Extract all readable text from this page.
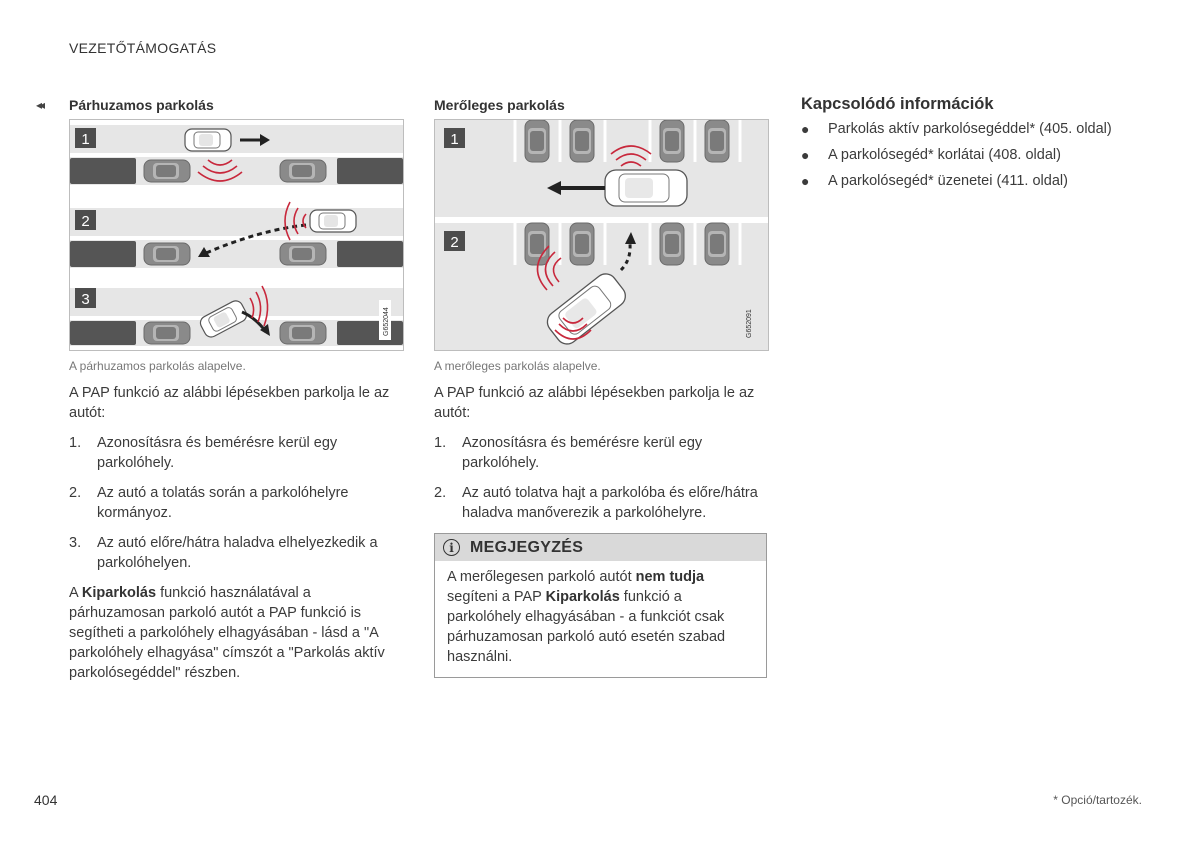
VEZETŐTÁMOGATÁS
◂◂ Párhuzamos parkolás
1
2
3
G652044
A párhuzamos parkolás alapelve.

A PAP funkció az alábbi lépésekben parkolja le az autót:

1.	Azonosításra és bemérésre kerül egy parkolóhely.
2.	Az autó a tolatás során a parkolóhelyre kormányoz.
3.	Az autó előre/hátra haladva elhelyezkedik a parkolóhelyen.

A Kiparkolás funkció használatával a párhuzamosan parkoló autót a PAP funkció is segítheti a parkolóhely elhagyásában - lásd a "A parkolóhely elhagyása" címszót a "Parkolás aktív parkolósegéddel" részben.

Merőleges parkolás
1
2
G652091
A merőleges parkolás alapelve.

A PAP funkció az alábbi lépésekben parkolja le az autót:

1.	Azonosításra és bemérésre kerül egy parkolóhely.
2.	Az autó tolatva hajt a parkolóba és előre/hátra haladva manőverezik a parkolóhelyre.
i	MEGJEGYZÉS
A merőlegesen parkoló autót nem tudja segíteni a PAP Kiparkolás funkció a parkolóhely elhagyásában - a funkciót csak párhuzamosan parkoló autó esetén szabad használni.
Kapcsolódó információk
●	Parkolás aktív parkolósegéddel* (405. oldal)
●	A parkolósegéd* korlátai (408. oldal)
●	A parkolósegéd* üzenetei (411. oldal)
404	* Opció/tartozék.
